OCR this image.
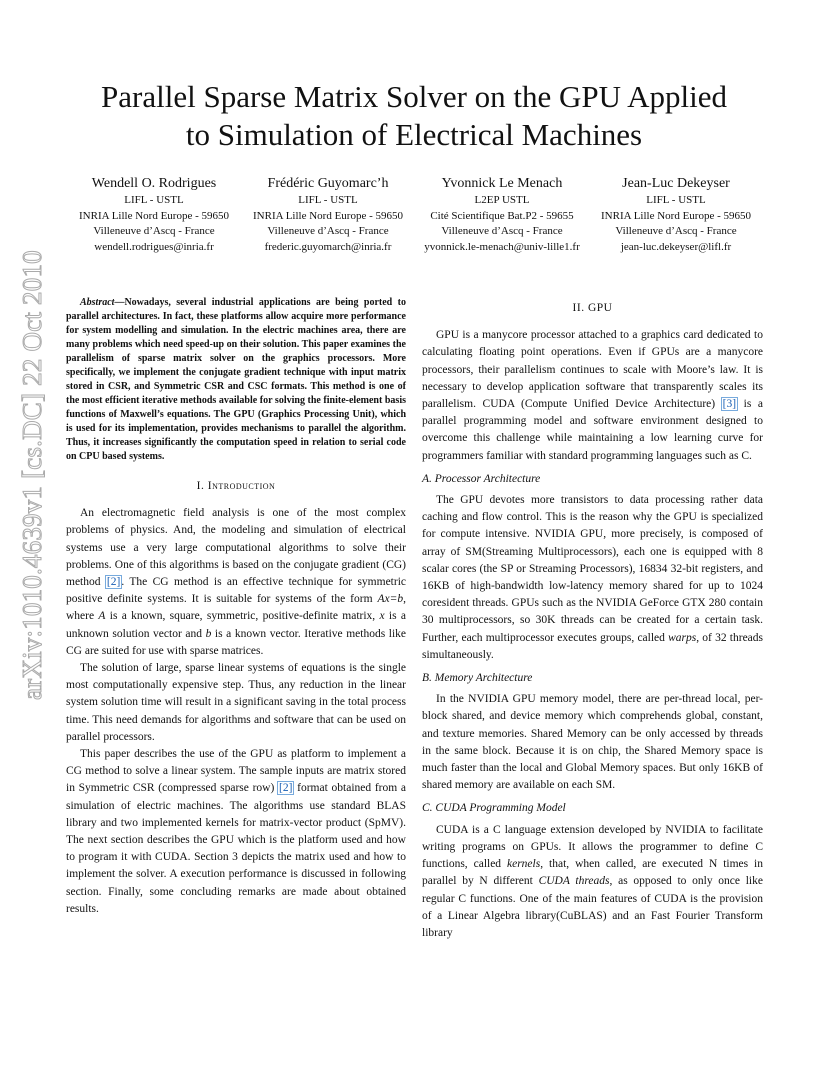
Parallel Sparse Matrix Solver on the GPU Applied
to Simulation of Electrical Machines
Wendell O. Rodrigues
LIFL - USTL
INRIA Lille Nord Europe - 59650
Villeneuve d’Ascq - France
wendell.rodrigues@inria.fr
Frédéric Guyomarc’h
LIFL - USTL
INRIA Lille Nord Europe - 59650
Villeneuve d’Ascq - France
frederic.guyomarch@inria.fr
Yvonnick Le Menach
L2EP USTL
Cité Scientifique Bat.P2 - 59655
Villeneuve d’Ascq - France
yvonnick.le-menach@univ-lille1.fr
Jean-Luc Dekeyser
LIFL - USTL
INRIA Lille Nord Europe - 59650
Villeneuve d’Ascq - France
jean-luc.dekeyser@lifl.fr
arXiv:1010.4639v1 [cs.DC] 22 Oct 2010	Abstract—Nowadays, several industrial applications are being ported to parallel architectures. In fact, these platforms allow acquire more performance for system modelling and simulation. In the electric machines area, there are many problems which need speed-up on their solution. This paper examines the parallelism of sparse matrix solver on the graphics processors. More specifically, we implement the conjugate gradient technique with input matrix stored in CSR, and Symmetric CSR and CSC formats. This method is one of the most efficient iterative methods available for solving the finite-element basis functions of Maxwell’s equations. The GPU (Graphics Processing Unit), which is used for its implementation, provides mechanisms to parallel the algorithm. Thus, it increases significantly the computation speed in relation to serial code on CPU based systems.

I. Introduction

An electromagnetic field analysis is one of the most complex problems of physics. And, the modeling and simulation of electrical systems use a very large computational algorithms to solve their problems. One of this algorithms is based on the conjugate gradient (CG) method [2]. The CG method is an effective technique for symmetric positive definite systems. It is suitable for systems of the form Ax=b, where A is a known, square, symmetric, positive-definite matrix, x is a unknown solution vector and b is a known vector. Iterative methods like CG are suited for use with sparse matrices.

The solution of large, sparse linear systems of equations is the single most computationally expensive step. Thus, any reduction in the linear system solution time will result in a significant saving in the total process time. This need demands for algorithms and software that can be used on parallel processors.

This paper describes the use of the GPU as platform to implement a CG method to solve a linear system. The sample inputs are matrix stored in Symmetric CSR (compressed sparse row) [2] format obtained from a simulation of electric machines. The algorithms use standard BLAS library and two implemented kernels for matrix-vector product (SpMV). The next section describes the GPU which is the platform used and how to program it with CUDA. Section 3 depicts the matrix used and how to implement the solver. A execution performance is discussed in following section. Finally, some concluding remarks are made about obtained results.

II. GPU

GPU is a manycore processor attached to a graphics card dedicated to calculating floating point operations. Even if GPUs are a manycore processors, their parallelism continues to scale with Moore’s law. It is necessary to develop application software that transparently scales its parallelism. CUDA (Compute Unified Device Architecture) [3] is a parallel programming model and software environment designed to overcome this challenge while maintaining a low learning curve for programmers familiar with standard programming languages such as C.

A. Processor Architecture

The GPU devotes more transistors to data processing rather data caching and flow control. This is the reason why the GPU is specialized for compute intensive. NVIDIA GPU, more precisely, is composed of array of SM(Streaming Multiprocessors), each one is equipped with 8 scalar cores (the SP or Streaming Processors), 16834 32-bit registers, and 16KB of high-bandwidth low-latency memory shared for up to 1024 coresident threads. GPUs such as the NVIDIA GeForce GTX 280 contain 30 multiprocessors, so 30K threads can be created for a certain task. Further, each multiprocessor executes groups, called warps, of 32 threads simultaneously.

B. Memory Architecture

In the NVIDIA GPU memory model, there are per-thread local, per-block shared, and device memory which comprehends global, constant, and texture memories. Shared Memory can be only accessed by threads in the same block. Because it is on chip, the Shared Memory space is much faster than the local and Global Memory spaces. But only 16KB of shared memory are available on each SM.

C. CUDA Programming Model

CUDA is a C language extension developed by NVIDIA to facilitate writing programs on GPUs. It allows the programmer to define C functions, called kernels, that, when called, are executed N times in parallel by N different CUDA threads, as opposed to only once like regular C functions. One of the main features of CUDA is the provision of a Linear Algebra library(CuBLAS) and an Fast Fourier Transform library
